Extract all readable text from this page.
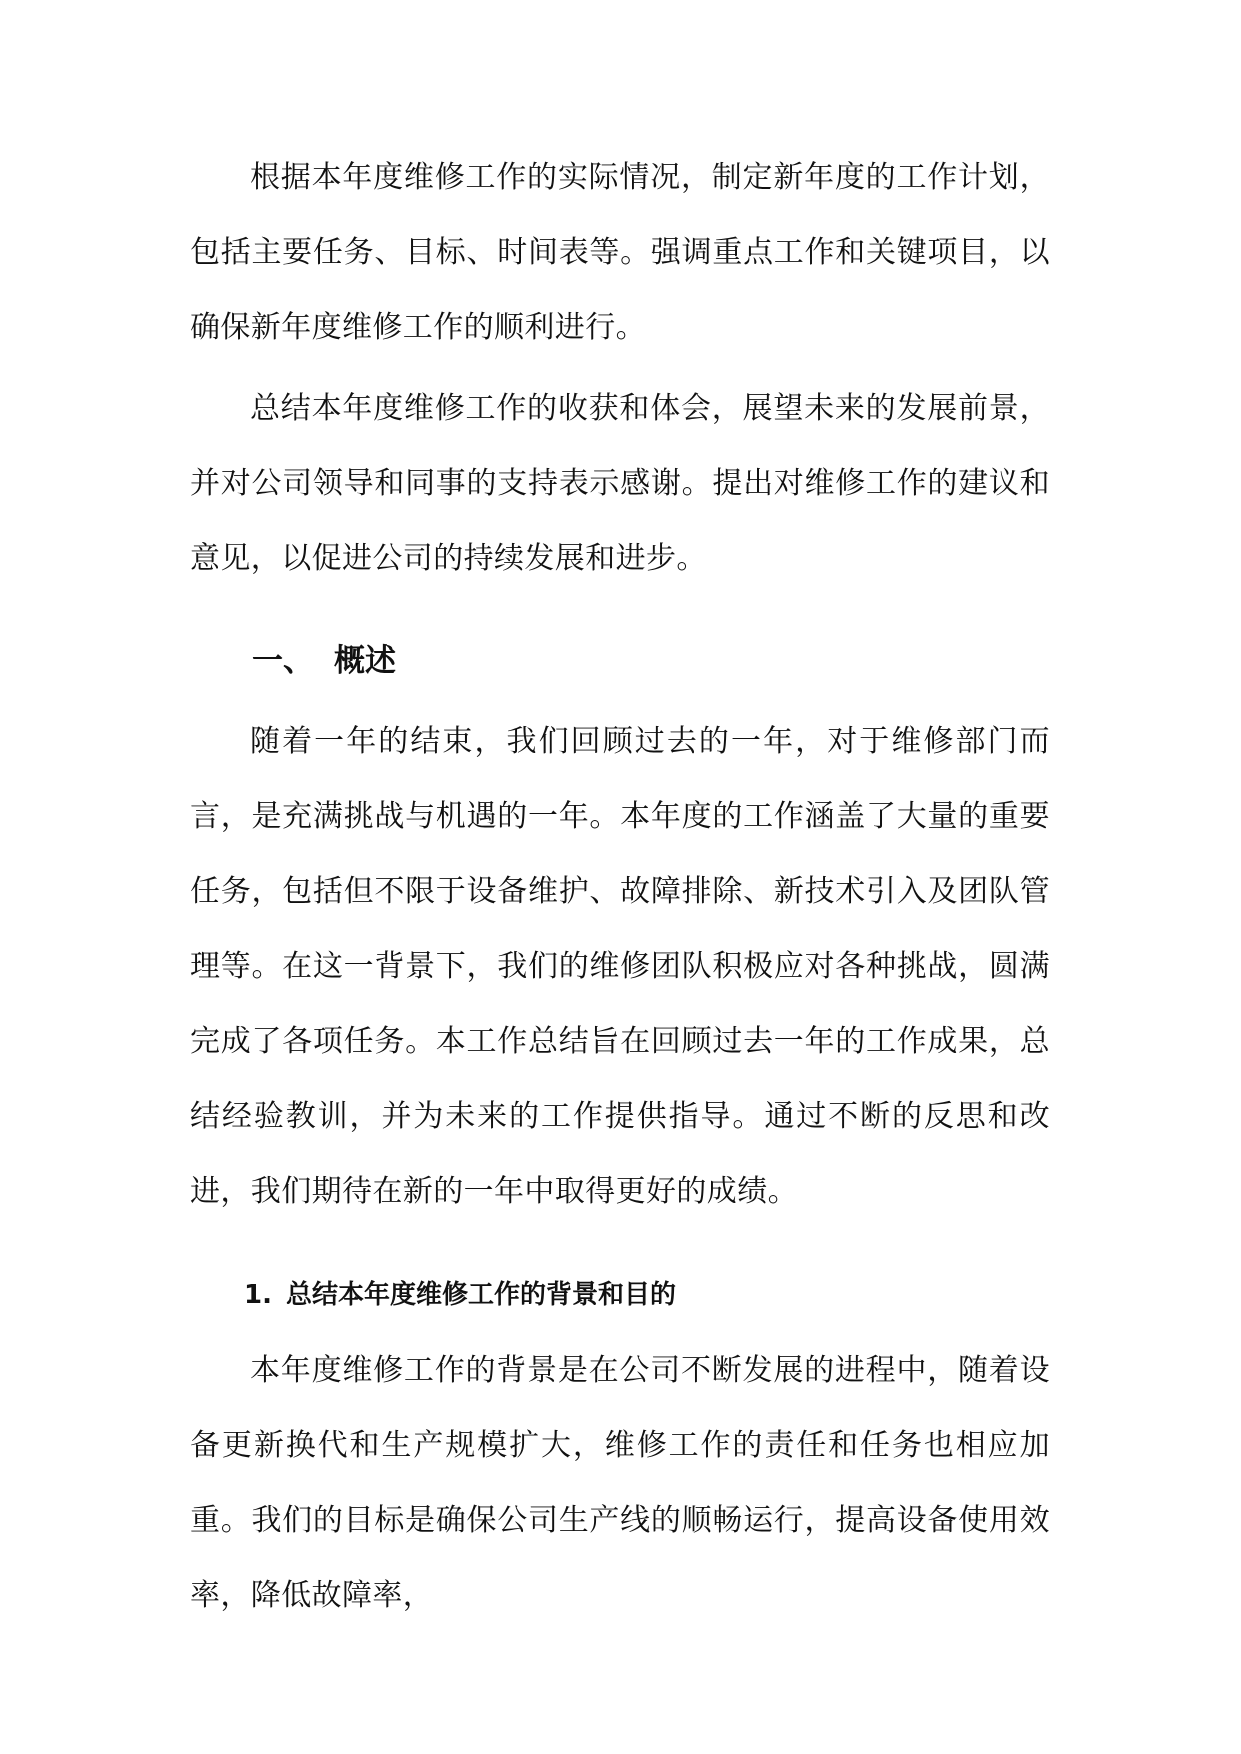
根据本年度维修工作的实际情况，制定新年度的工作计划，包括主要任务、目标、时间表等。强调重点工作和关键项目，以确保新年度维修工作的顺利进行。

总结本年度维修工作的收获和体会，展望未来的发展前景，并对公司领导和同事的支持表示感谢。提出对维修工作的建议和意见，以促进公司的持续发展和进步。

一、 概述

随着一年的结束，我们回顾过去的一年，对于维修部门而言，是充满挑战与机遇的一年。本年度的工作涵盖了大量的重要任务，包括但不限于设备维护、故障排除、新技术引入及团队管理等。在这一背景下，我们的维修团队积极应对各种挑战，圆满完成了各项任务。本工作总结旨在回顾过去一年的工作成果，总结经验教训，并为未来的工作提供指导。通过不断的反思和改进，我们期待在新的一年中取得更好的成绩。

1. 总结本年度维修工作的背景和目的

本年度维修工作的背景是在公司不断发展的进程中，随着设备更新换代和生产规模扩大，维修工作的责任和任务也相应加重。我们的目标是确保公司生产线的顺畅运行，提高设备使用效率，降低故障率，
